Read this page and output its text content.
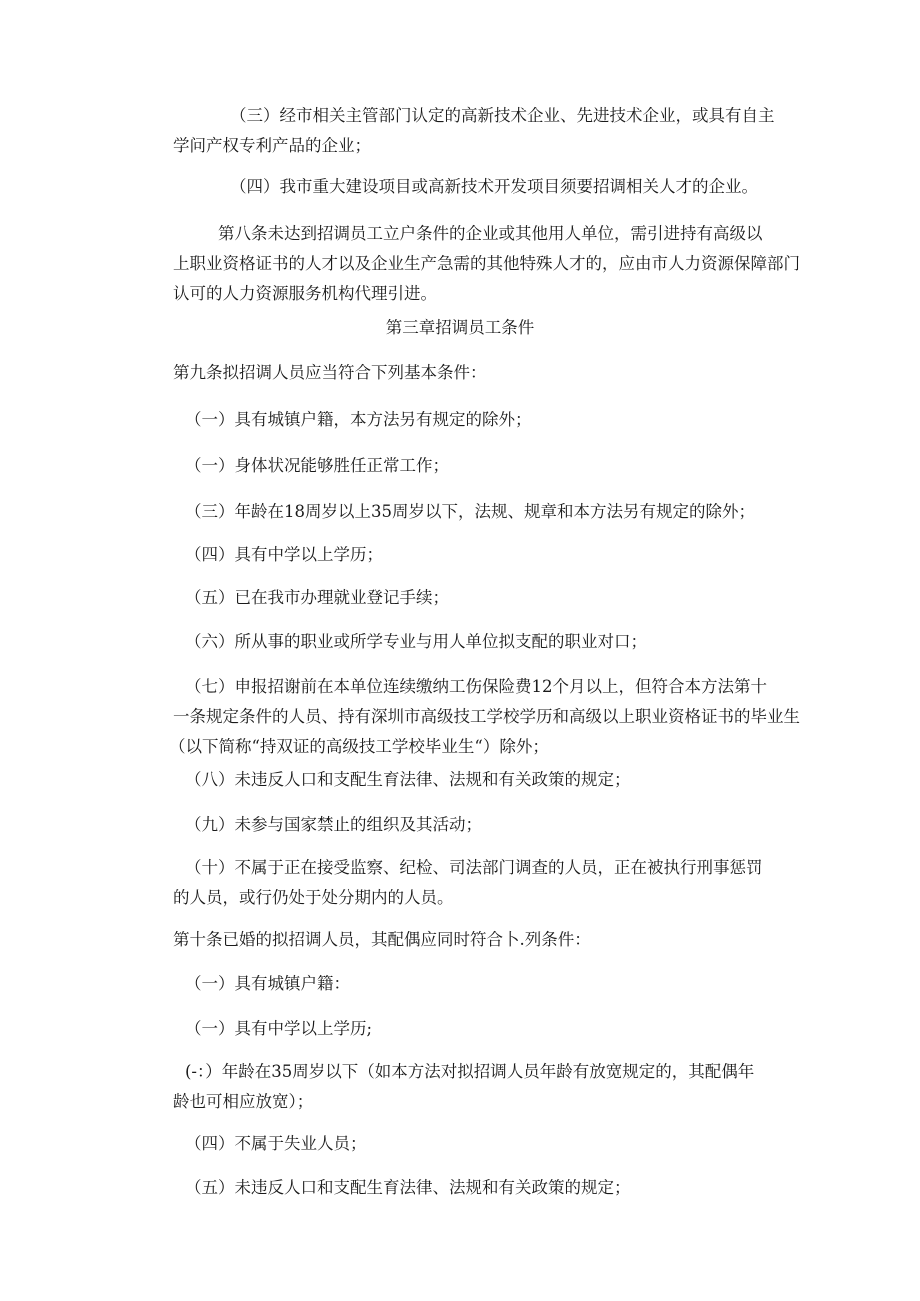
（三）经市相关主管部门认定的高新技术企业、先进技术企业，或具有自主
学问产权专利产品的企业；

（四）我市重大建设项目或高新技术开发项目须要招调相关人才的企业。

第八条未达到招调员工立户条件的企业或其他用人单位，需引进持有高级以
上职业资格证书的人才以及企业生产急需的其他特殊人才的，应由市人力资源保障部门
认可的人力资源服务机构代理引进。

第三章招调员工条件

第九条拟招调人员应当符合下列基本条件：

（一）具有城镇户籍，本方法另有规定的除外；

（一）身体状况能够胜任正常工作；

（三）年龄在18周岁以上35周岁以下，法规、规章和本方法另有规定的除外；

（四）具有中学以上学历；

（五）已在我市办理就业登记手续；

（六）所从事的职业或所学专业与用人单位拟支配的职业对口；

（七）申报招谢前在本单位连续缴纳工伤保险费12个月以上，但符合本方法第十
一条规定条件的人员、持有深圳市高级技工学校学历和高级以上职业资格证书的毕业生
（以下简称“持双证的高级技工学校毕业生“）除外；

（八）未违反人口和支配生育法律、法规和有关政策的规定；

（九）未参与国家禁止的组织及其活动；

（十）不属于正在接受监察、纪检、司法部门调查的人员，正在被执行刑事惩罚
的人员，或行仍处于处分期内的人员。

第十条已婚的拟招调人员，其配偶应同时符合卜.列条件：

（一）具有城镇户籍：

（一）具有中学以上学历;

(-：）年龄在35周岁以下（如本方法对拟招调人员年龄有放宽规定的，其配偶年
龄也可相应放宽）；

（四）不属于失业人员；

（五）未违反人口和支配生育法律、法规和有关政策的规定；
